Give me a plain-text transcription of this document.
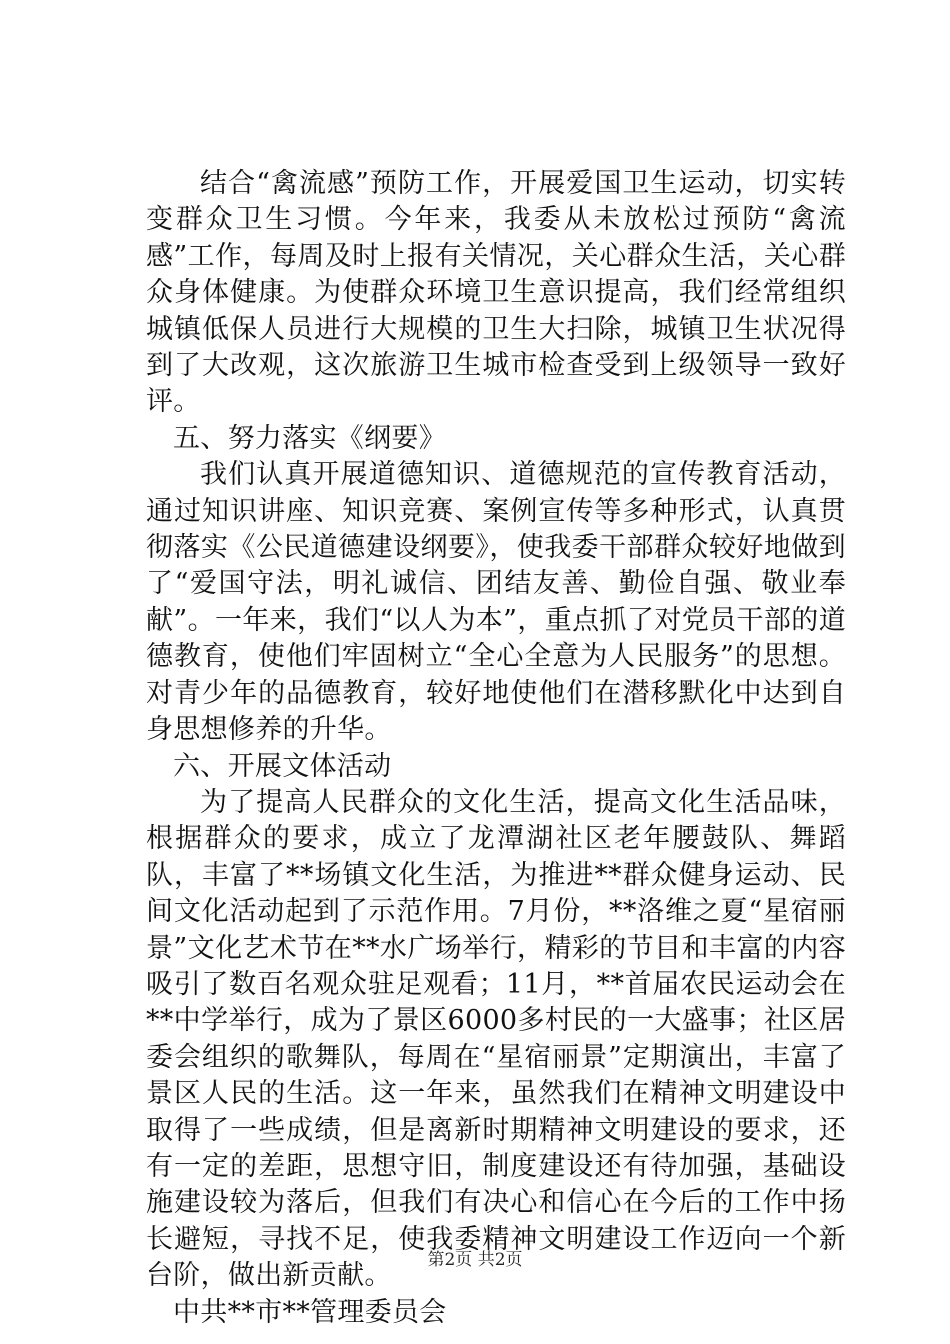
结合“禽流感”预防工作，开展爱国卫生运动，切实转变群众卫生习惯。今年来，我委从未放松过预防“禽流感”工作，每周及时上报有关情况，关心群众生活，关心群众身体健康。为使群众环境卫生意识提高，我们经常组织城镇低保人员进行大规模的卫生大扫除，城镇卫生状况得到了大改观，这次旅游卫生城市检查受到上级领导一致好评。

五、努力落实《纲要》

我们认真开展道德知识、道德规范的宣传教育活动，通过知识讲座、知识竞赛、案例宣传等多种形式，认真贯彻落实《公民道德建设纲要》，使我委干部群众较好地做到了“爱国守法，明礼诚信、团结友善、勤俭自强、敬业奉献”。一年来，我们“以人为本”，重点抓了对党员干部的道德教育，使他们牢固树立“全心全意为人民服务”的思想。对青少年的品德教育，较好地使他们在潜移默化中达到自身思想修养的升华。

六、开展文体活动

为了提高人民群众的文化生活，提高文化生活品味，根据群众的要求，成立了龙潭湖社区老年腰鼓队、舞蹈队，丰富了**场镇文化生活，为推进**群众健身运动、民间文化活动起到了示范作用。7月份，**洛维之夏“星宿丽景”文化艺术节在**水广场举行，精彩的节目和丰富的内容吸引了数百名观众驻足观看；11月，**首届农民运动会在**中学举行，成为了景区6000多村民的一大盛事；社区居委会组织的歌舞队，每周在“星宿丽景”定期演出，丰富了景区人民的生活。这一年来，虽然我们在精神文明建设中取得了一些成绩，但是离新时期精神文明建设的要求，还有一定的差距，思想守旧，制度建设还有待加强，基础设施建设较为落后，但我们有决心和信心在今后的工作中扬长避短，寻找不足，使我委精神文明建设工作迈向一个新台阶，做出新贡献。

中共**市**管理委员会

第2页 共2页
